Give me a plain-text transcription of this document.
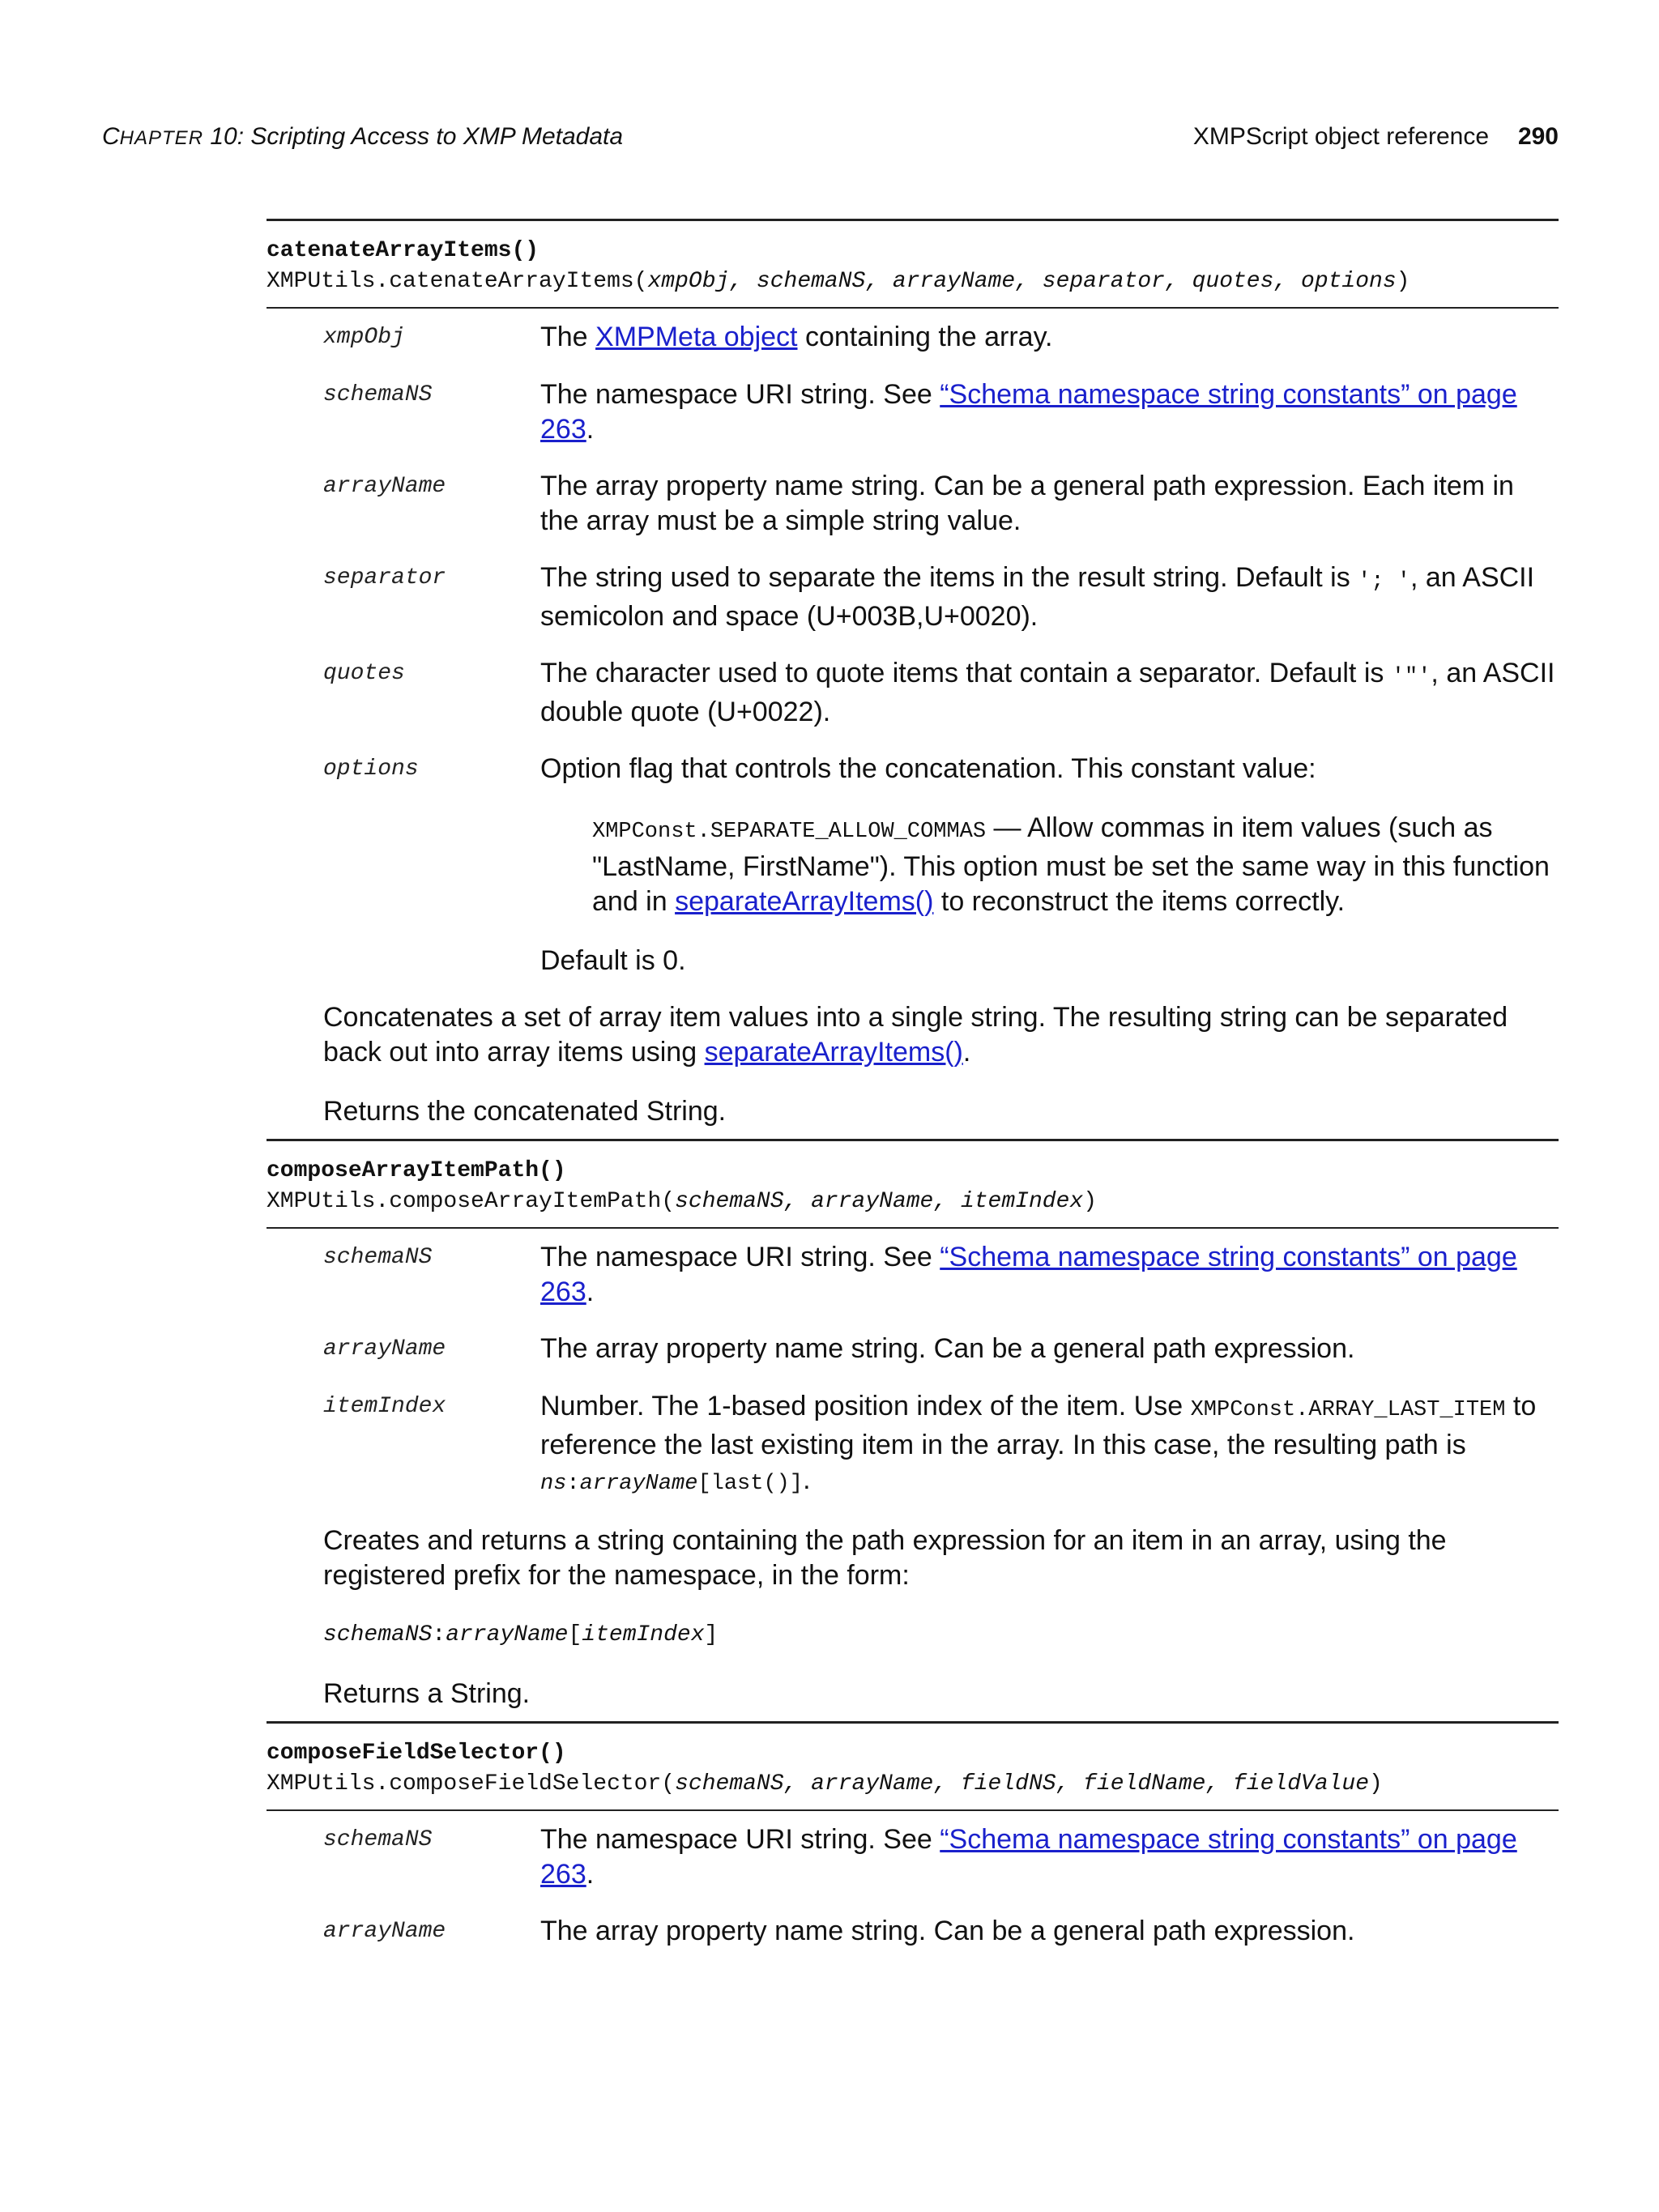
CHAPTER 10: Scripting Access to XMP Metadata	XMPScript object reference 290
catenateArrayItems()
XMPUtils.catenateArrayItems(xmpObj, schemaNS, arrayName, separator, quotes, options)
xmpObj	The XMPMeta object containing the array.
schemaNS	The namespace URI string. See “Schema namespace string constants” on page 263.
arrayName	The array property name string. Can be a general path expression. Each item in the array must be a simple string value.
separator	The string used to separate the items in the result string. Default is '; ', an ASCII semicolon and space (U+003B,U+0020).
quotes	The character used to quote items that contain a separator. Default is '"', an ASCII double quote (U+0022).
options	Option flag that controls the concatenation. This constant value:
XMPConst.SEPARATE_ALLOW_COMMAS — Allow commas in item values (such as "LastName, FirstName"). This option must be set the same way in this function and in separateArrayItems() to reconstruct the items correctly.
Default is 0.

Concatenates a set of array item values into a single string. The resulting string can be separated back out into array items using separateArrayItems().

Returns the concatenated String.

composeArrayItemPath()
XMPUtils.composeArrayItemPath(schemaNS, arrayName, itemIndex)
schemaNS	The namespace URI string. See “Schema namespace string constants” on page 263.
arrayName	The array property name string. Can be a general path expression.
itemIndex	Number. The 1-based position index of the item. Use XMPConst.ARRAY_LAST_ITEM to reference the last existing item in the array. In this case, the resulting path is ns:arrayName[last()].

Creates and returns a string containing the path expression for an item in an array, using the registered prefix for the namespace, in the form:

schemaNS:arrayName[itemIndex]

Returns a String.

composeFieldSelector()
XMPUtils.composeFieldSelector(schemaNS, arrayName, fieldNS, fieldName, fieldValue)
schemaNS	The namespace URI string. See “Schema namespace string constants” on page 263.
arrayName	The array property name string. Can be a general path expression.
